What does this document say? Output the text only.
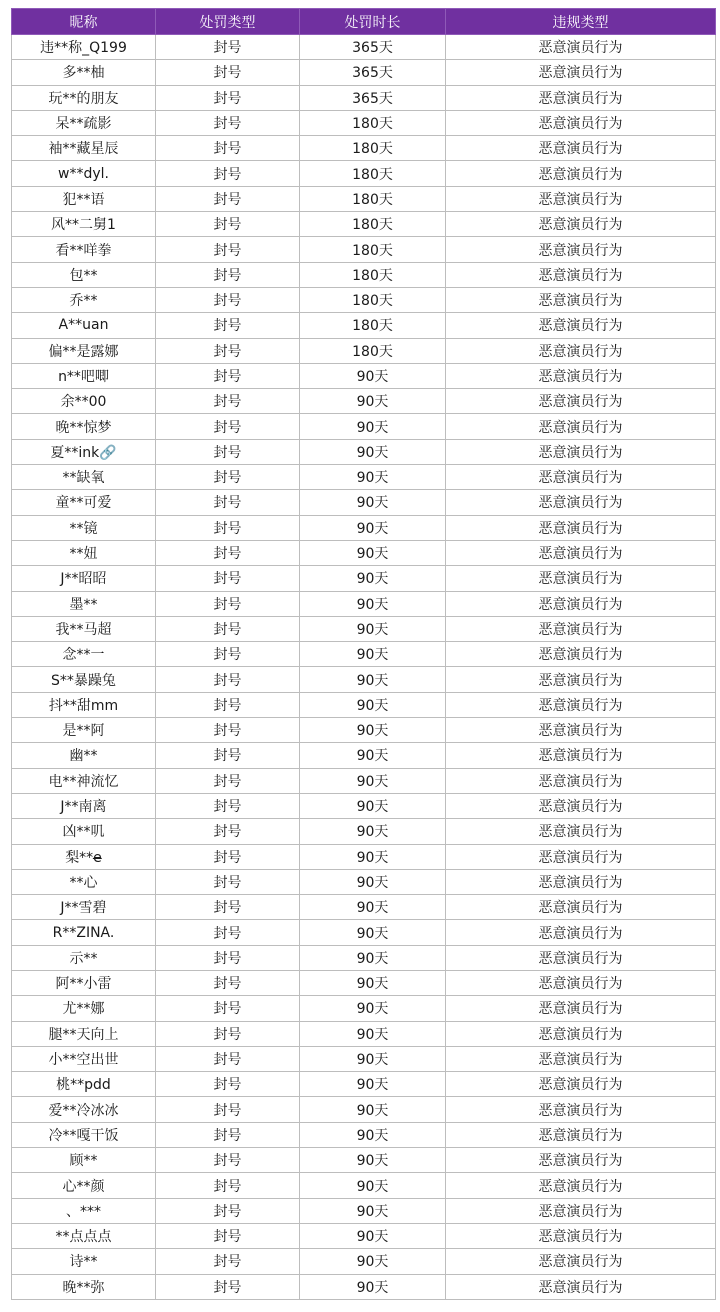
昵称	处罚类型	处罚时长	违规类型
违**称_Q199	封号	365天	恶意演员行为
多**柚	封号	365天	恶意演员行为
玩**的朋友	封号	365天	恶意演员行为
呆**疏影	封号	180天	恶意演员行为
袖**藏星辰	封号	180天	恶意演员行为
w**dyl.	封号	180天	恶意演员行为
犯**语	封号	180天	恶意演员行为
风**二舅1	封号	180天	恶意演员行为
看**咩拳	封号	180天	恶意演员行为
包**	封号	180天	恶意演员行为
乔**	封号	180天	恶意演员行为
A**uan	封号	180天	恶意演员行为
偏**是露娜	封号	180天	恶意演员行为
n**吧唧	封号	90天	恶意演员行为
余**00	封号	90天	恶意演员行为
晚**惊梦	封号	90天	恶意演员行为
夏**ink🔗	封号	90天	恶意演员行为
**缺氧	封号	90天	恶意演员行为
童**可爱	封号	90天	恶意演员行为
**镜	封号	90天	恶意演员行为
**妞	封号	90天	恶意演员行为
J**昭昭	封号	90天	恶意演员行为
墨**	封号	90天	恶意演员行为
我**马超	封号	90天	恶意演员行为
念**一	封号	90天	恶意演员行为
S**暴躁兔	封号	90天	恶意演员行为
抖**甜mm	封号	90天	恶意演员行为
是**阿	封号	90天	恶意演员行为
幽**	封号	90天	恶意演员行为
电**神流忆	封号	90天	恶意演员行为
J**南离	封号	90天	恶意演员行为
凶**叽	封号	90天	恶意演员行为
梨**e̶	封号	90天	恶意演员行为
**心	封号	90天	恶意演员行为
J**雪碧	封号	90天	恶意演员行为
R**ZINA.	封号	90天	恶意演员行为
示**	封号	90天	恶意演员行为
阿**小雷	封号	90天	恶意演员行为
尤**娜	封号	90天	恶意演员行为
腿**天向上	封号	90天	恶意演员行为
小**空出世	封号	90天	恶意演员行为
桃**pdd	封号	90天	恶意演员行为
爱**冷冰冰	封号	90天	恶意演员行为
冷**嘎干饭	封号	90天	恶意演员行为
顾**	封号	90天	恶意演员行为
心**颜	封号	90天	恶意演员行为
、***	封号	90天	恶意演员行为
**点点点	封号	90天	恶意演员行为
诗**	封号	90天	恶意演员行为
晚**弥	封号	90天	恶意演员行为
